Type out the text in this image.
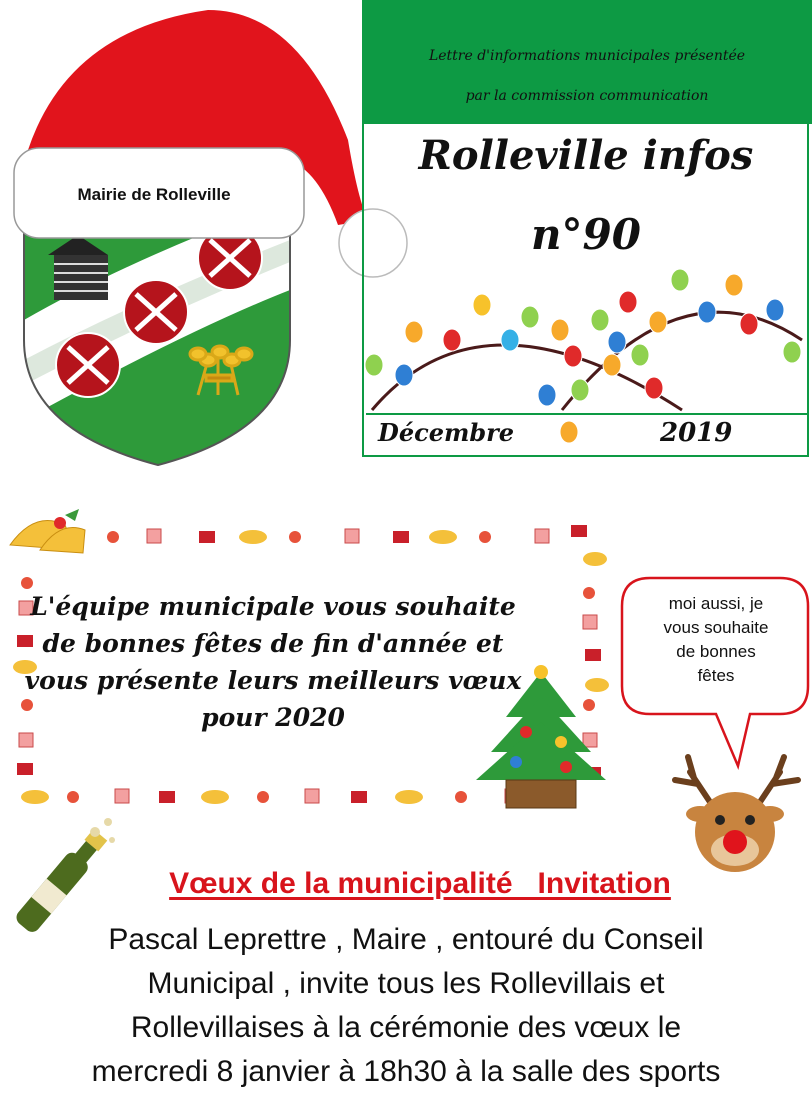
Mairie de Rolleville
Lettre d'informations municipales présentée
par la commission communication
Rolleville infos
n°90
Décembre	2019
L'équipe municipale vous souhaite
de bonnes fêtes de fin d'année et
vous présente leurs meilleurs vœux
pour 2020
moi aussi, je
vous souhaite
de bonnes
fêtes
Vœux de la municipalité   Invitation
Pascal Leprettre , Maire , entouré du Conseil
Municipal , invite tous les Rollevillais et
Rollevillaises à la cérémonie des vœux le
mercredi 8 janvier à 18h30 à la salle des sports
